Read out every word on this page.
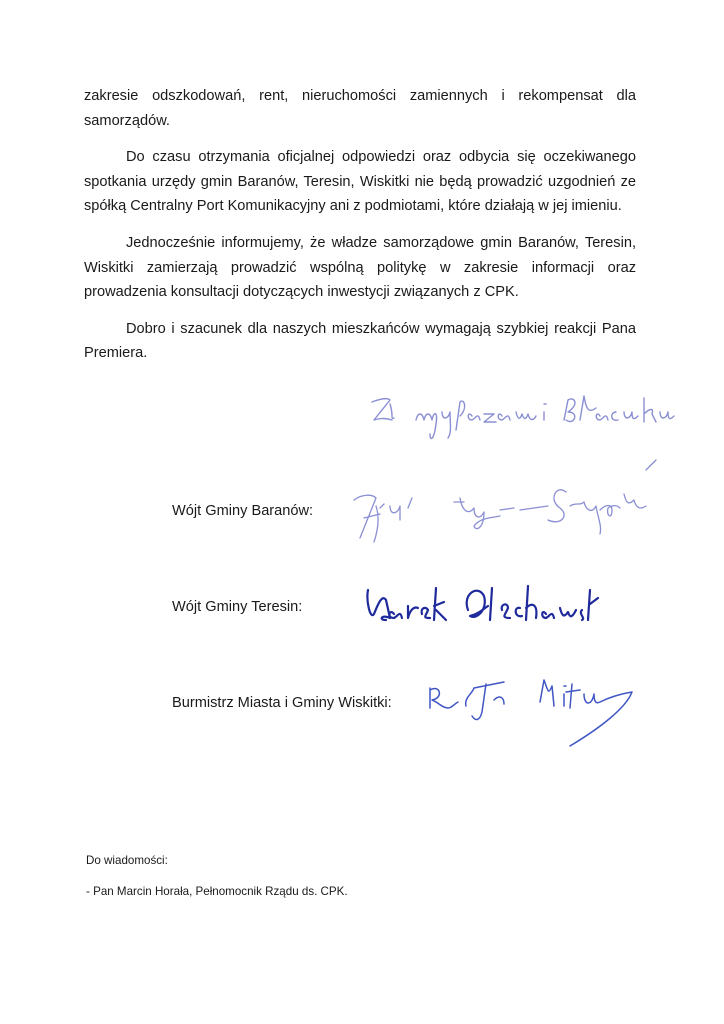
zakresie odszkodowań, rent, nieruchomości zamiennych i rekompensat dla samorządów.

Do czasu otrzymania oficjalnej odpowiedzi oraz odbycia się oczekiwanego spotkania urzędy gmin Baranów, Teresin, Wiskitki nie będą prowadzić uzgodnień ze spółką Centralny Port Komunikacyjny ani z podmiotami, które działają w jej imieniu.

Jednocześnie informujemy, że władze samorządowe gmin Baranów, Teresin, Wiskitki zamierzają prowadzić wspólną politykę w zakresie informacji oraz prowadzenia konsultacji dotyczących inwestycji związanych z CPK.

Dobro i szacunek dla naszych mieszkańców wymagają szybkiej reakcji Pana Premiera.

Wójt Gminy Baranów:
Wójt Gminy Teresin:
Burmistrz Miasta i Gminy Wiskitki:
Do wiadomości:
- Pan Marcin Horała, Pełnomocnik Rządu ds. CPK.
